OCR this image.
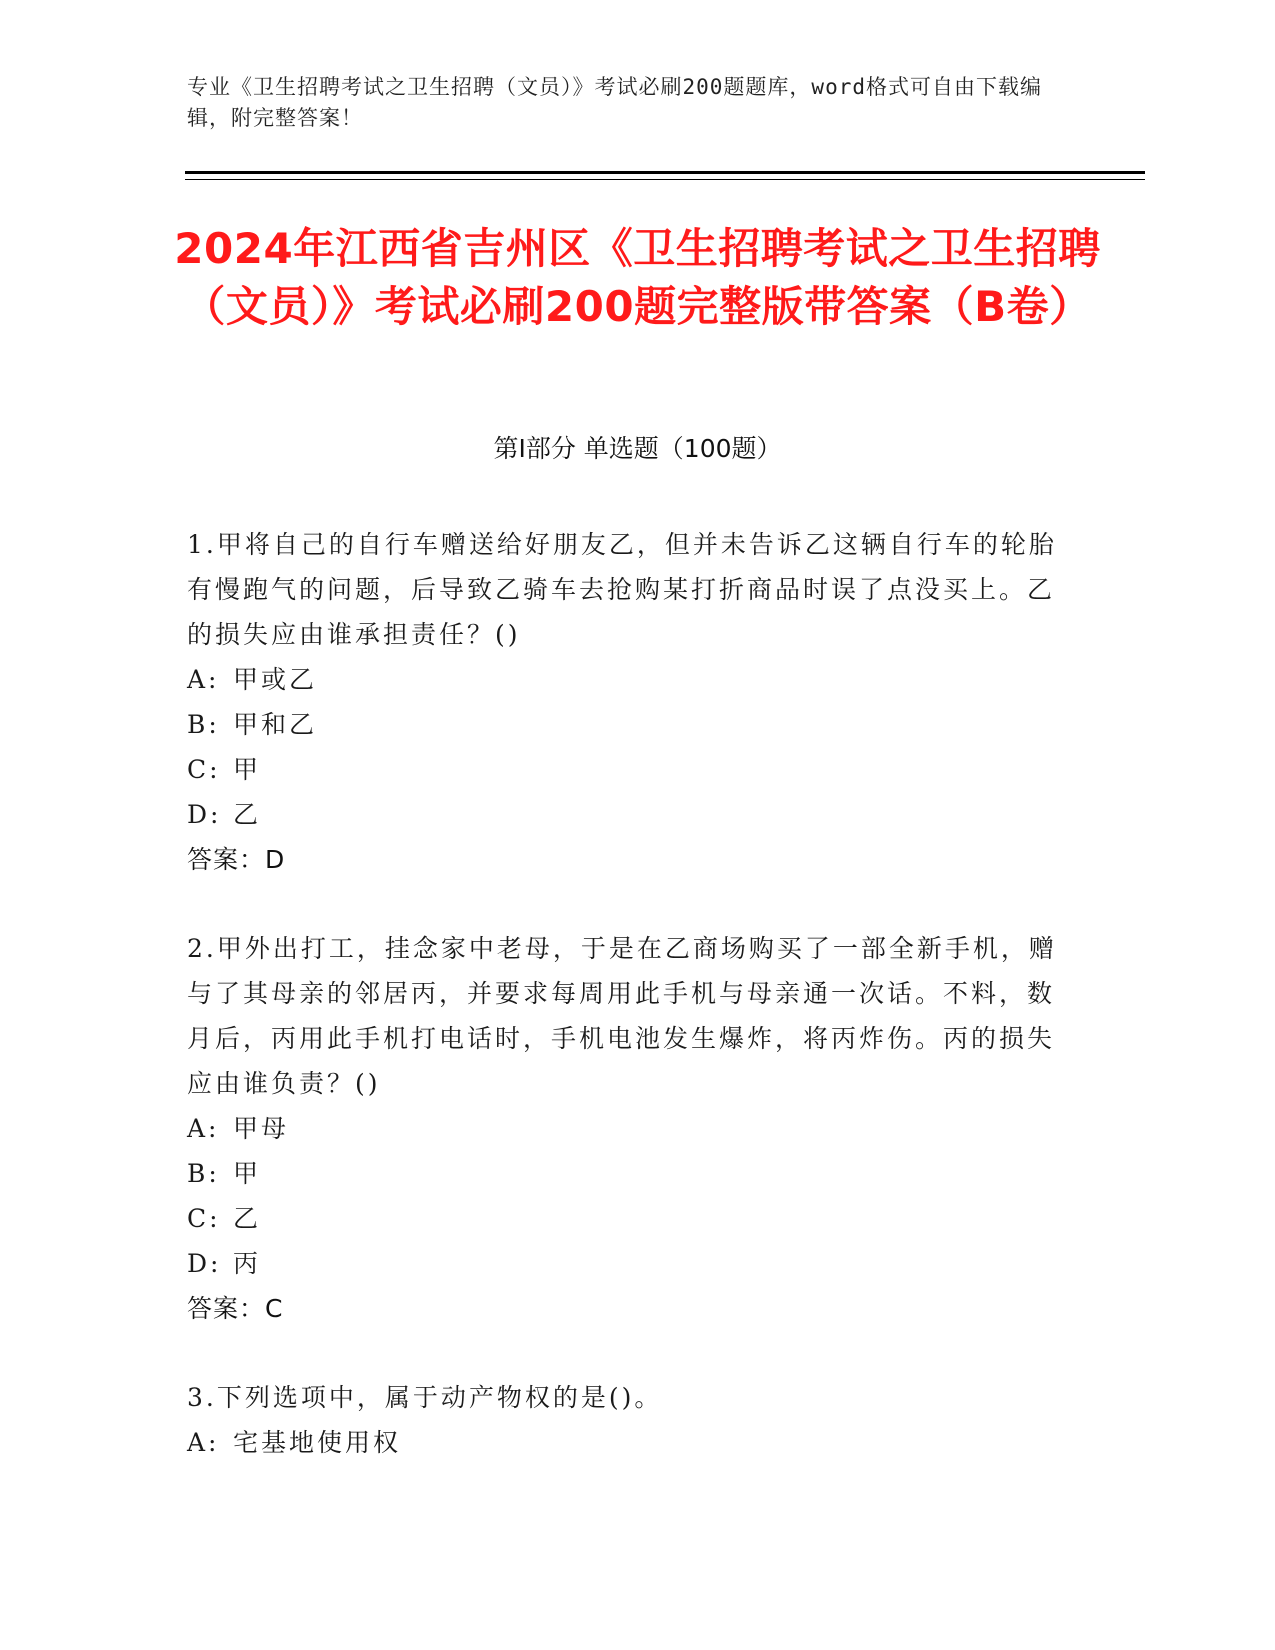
专业《卫生招聘考试之卫生招聘（文员）》考试必刷200题题库，word格式可自由下载编辑，附完整答案！
2024年江西省吉州区《卫生招聘考试之卫生招聘（文员）》考试必刷200题完整版带答案（B卷）
第Ⅰ部分 单选题（100题）

1.甲将自己的自行车赠送给好朋友乙，但并未告诉乙这辆自行车的轮胎有慢跑气的问题，后导致乙骑车去抢购某打折商品时误了点没买上。乙的损失应由谁承担责任？()

A: 甲或乙
B: 甲和乙
C: 甲
D: 乙
答案：D

2.甲外出打工，挂念家中老母，于是在乙商场购买了一部全新手机，赠与了其母亲的邻居丙，并要求每周用此手机与母亲通一次话。不料，数月后，丙用此手机打电话时，手机电池发生爆炸，将丙炸伤。丙的损失应由谁负责？()

A: 甲母
B: 甲
C: 乙
D: 丙
答案：C

3.下列选项中，属于动产物权的是()。

A: 宅基地使用权
